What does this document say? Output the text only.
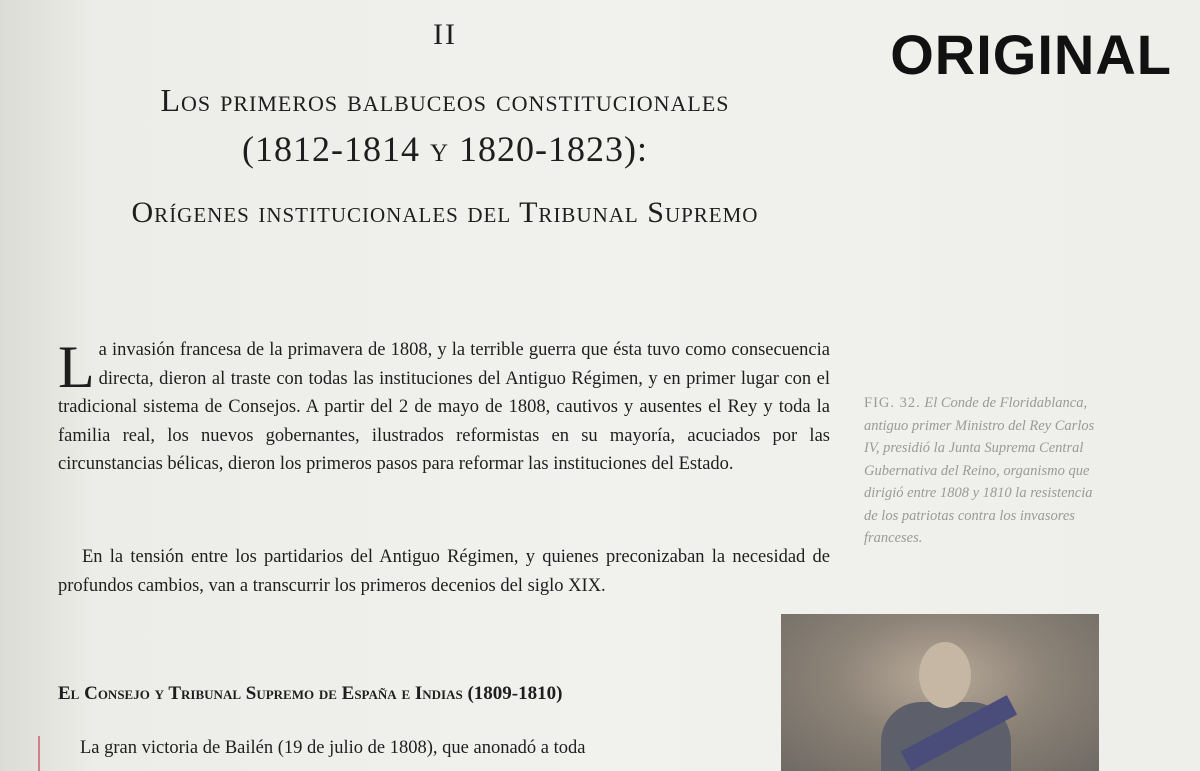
II
Los primeros balbuceos constitucionales
(1812-1814 y 1820-1823):
Orígenes institucionales del Tribunal Supremo
ORIGINAL
La invasión francesa de la primavera de 1808, y la terrible guerra que ésta tuvo como consecuencia directa, dieron al traste con todas las instituciones del Antiguo Régimen, y en primer lugar con el tradicional sistema de Consejos. A partir del 2 de mayo de 1808, cautivos y ausentes el Rey y toda la familia real, los nuevos gobernantes, ilustrados reformistas en su mayoría, acuciados por las circunstancias bélicas, dieron los primeros pasos para reformar las instituciones del Estado.
En la tensión entre los partidarios del Antiguo Régimen, y quienes preconizaban la necesidad de profundos cambios, van a transcurrir los primeros decenios del siglo XIX.
El Consejo y Tribunal Supremo de España e Indias (1809-1810)
La gran victoria de Bailén (19 de julio de 1808), que anonadó a toda
FIG. 32. El Conde de Floridablanca, antiguo primer Ministro del Rey Carlos IV, presidió la Junta Suprema Central Gubernativa del Reino, organismo que dirigió entre 1808 y 1810 la resistencia de los patriotas contra los invasores franceses.
